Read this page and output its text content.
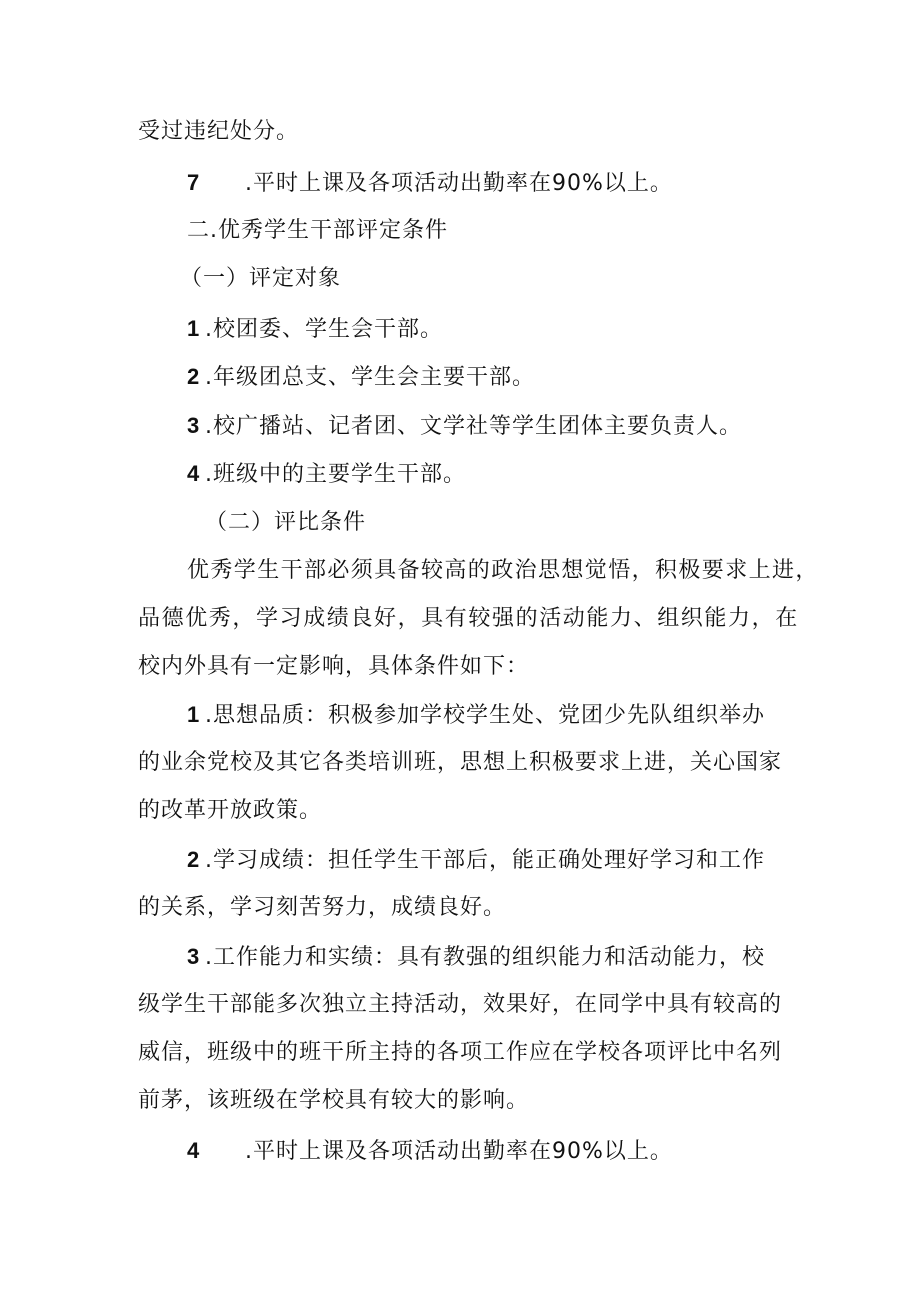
受过违纪处分。
7 .平时上课及各项活动出勤率在90%以上。
二.优秀学生干部评定条件
（一）评定对象
1 .校团委、学生会干部。
2 .年级团总支、学生会主要干部。
3 .校广播站、记者团、文学社等学生团体主要负责人。
4 .班级中的主要学生干部。
（二）评比条件
优秀学生干部必须具备较高的政治思想觉悟，积极要求上进，
品德优秀，学习成绩良好，具有较强的活动能力、组织能力，在
校内外具有一定影响，具体条件如下：
1 .思想品质：积极参加学校学生处、党团少先队组织举办
的业余党校及其它各类培训班，思想上积极要求上进，关心国家
的改革开放政策。
2 .学习成绩：担任学生干部后，能正确处理好学习和工作
的关系，学习刻苦努力，成绩良好。
3 .工作能力和实绩：具有教强的组织能力和活动能力，校
级学生干部能多次独立主持活动，效果好，在同学中具有较高的
威信，班级中的班干所主持的各项工作应在学校各项评比中名列
前茅，该班级在学校具有较大的影响。
4 .平时上课及各项活动出勤率在90%以上。
